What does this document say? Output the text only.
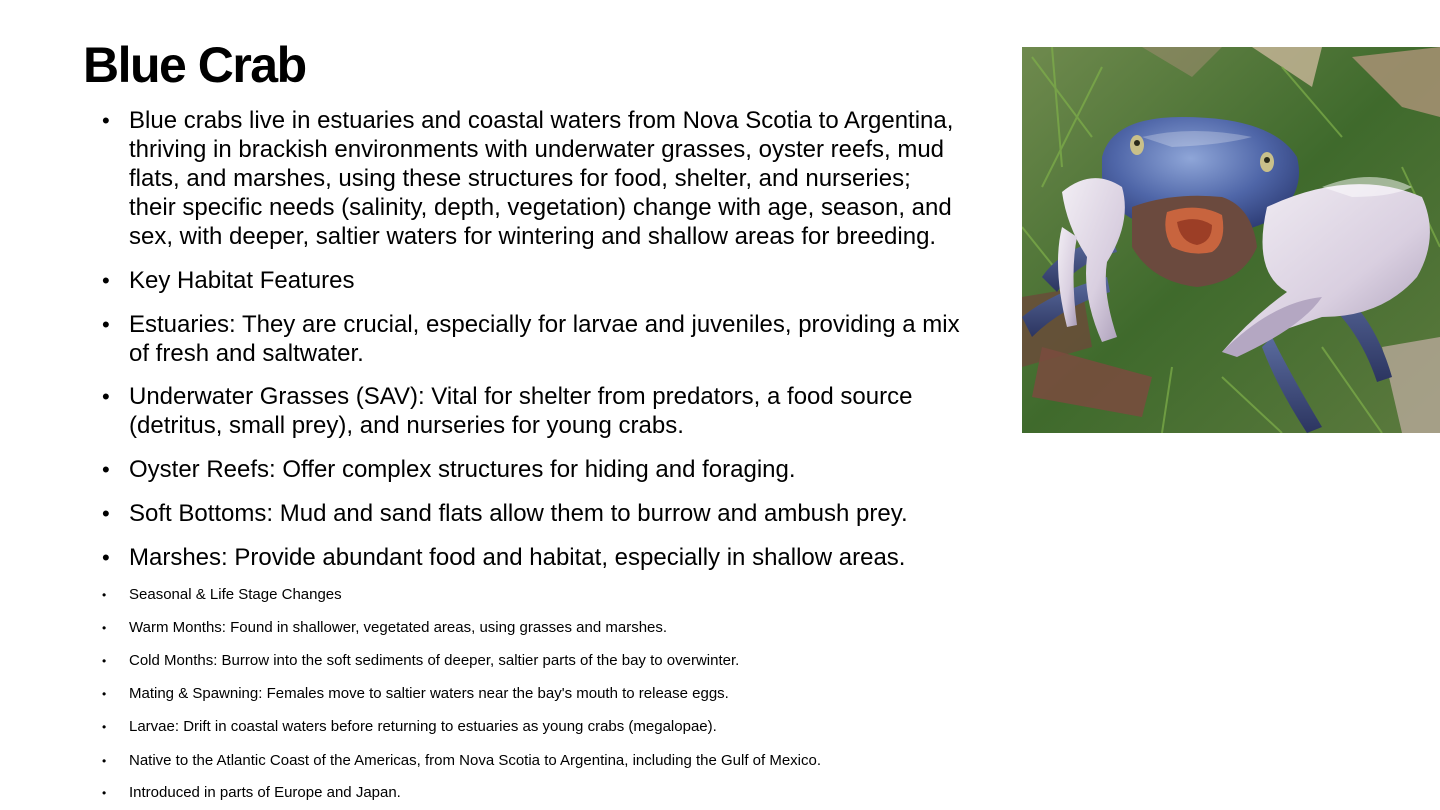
Blue Crab
• Blue crabs live in estuaries and coastal waters from Nova Scotia to Argentina,
thriving in brackish environments with underwater grasses, oyster reefs, mud
flats, and marshes, using these structures for food, shelter, and nurseries;
their specific needs (salinity, depth, vegetation) change with age, season, and
sex, with deeper, saltier waters for wintering and shallow areas for breeding.
• Key Habitat Features
• Estuaries: They are crucial, especially for larvae and juveniles, providing a mix
of fresh and saltwater.
• Underwater Grasses (SAV): Vital for shelter from predators, a food source
(detritus, small prey), and nurseries for young crabs.
• Oyster Reefs: Offer complex structures for hiding and foraging.
• Soft Bottoms: Mud and sand flats allow them to burrow and ambush prey.
• Marshes: Provide abundant food and habitat, especially in shallow areas.
• Seasonal & Life Stage Changes
• Warm Months: Found in shallower, vegetated areas, using grasses and marshes.
• Cold Months: Burrow into the soft sediments of deeper, saltier parts of the bay to overwinter.
• Mating & Spawning: Females move to saltier waters near the bay's mouth to release eggs.
• Larvae: Drift in coastal waters before returning to estuaries as young crabs (megalopae).
• Native to the Atlantic Coast of the Americas, from Nova Scotia to Argentina, including the Gulf of Mexico.
• Introduced in parts of Europe and Japan.
